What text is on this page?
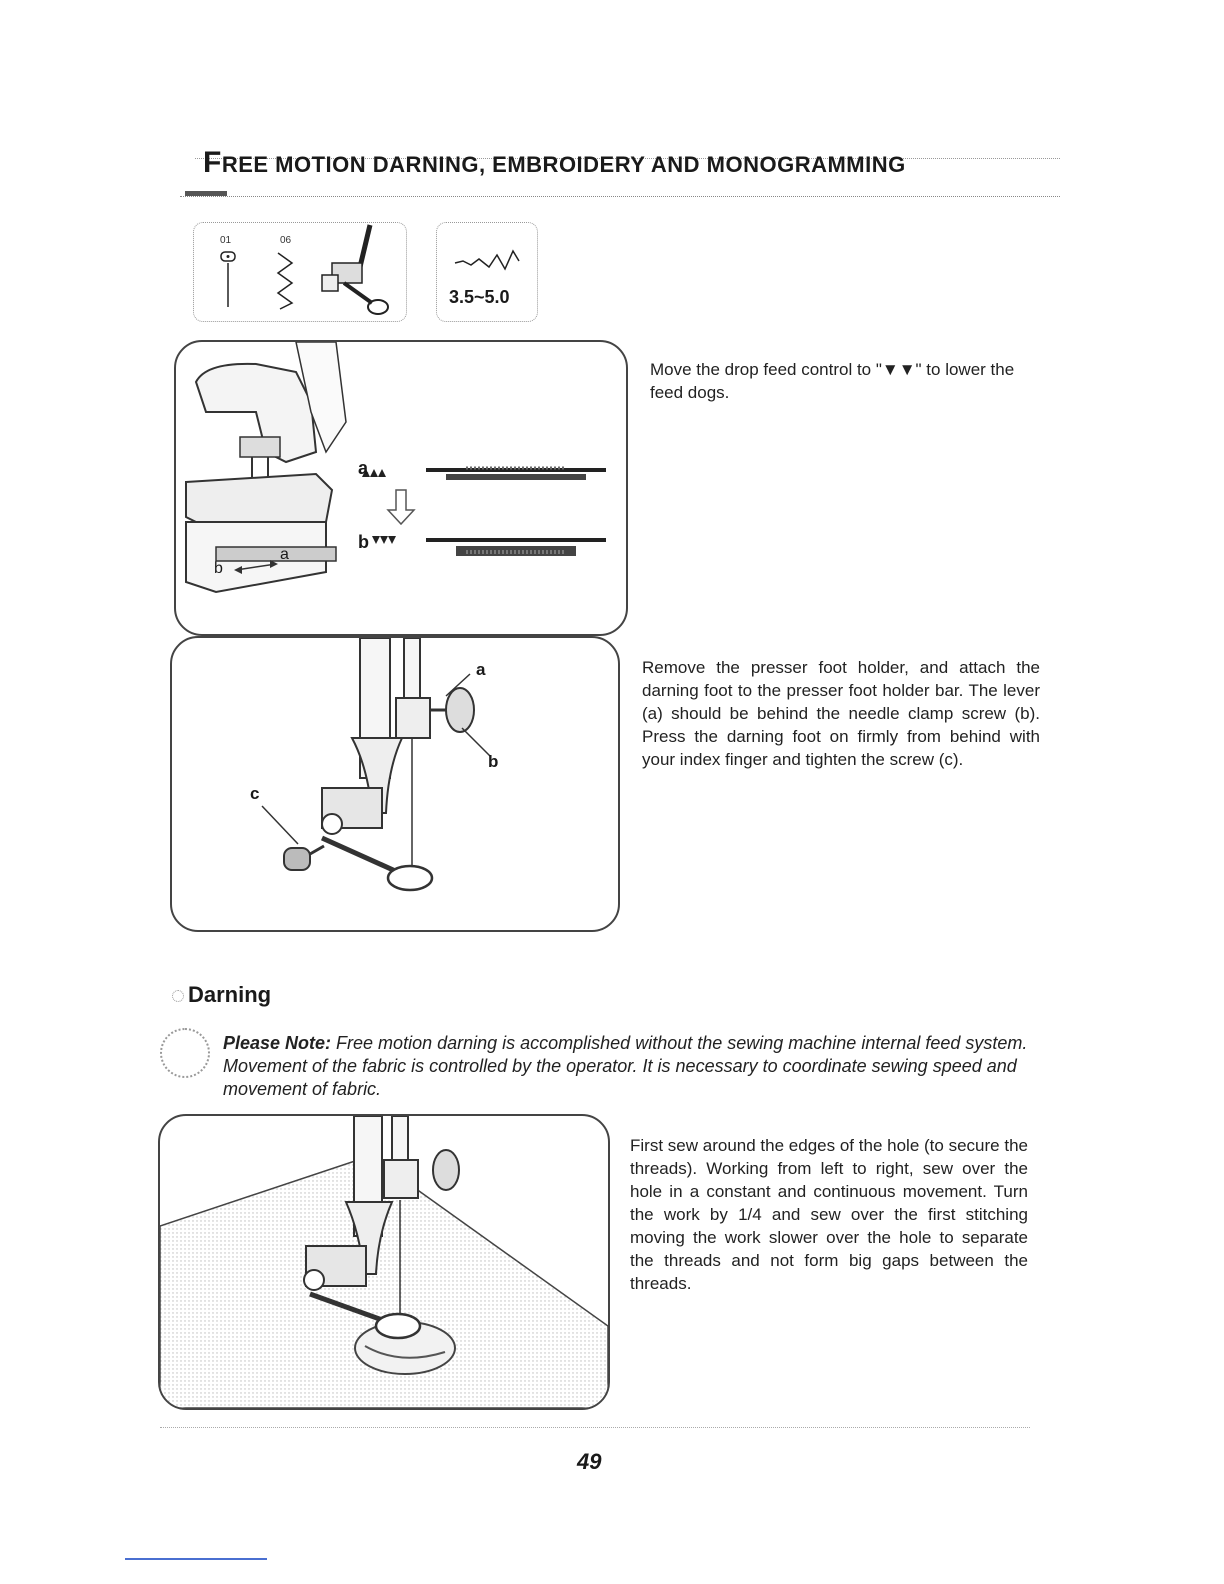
FREE MOTION DARNING, EMBROIDERY AND MONOGRAMMING
01	06
3.5~5.0
a
b
a
b
Move the drop feed control to "▼▼" to lower the feed dogs.
a
b
c
Remove the presser foot holder, and attach the darning foot to the presser foot holder bar. The lever (a) should be behind the needle clamp screw (b). Press the darning foot on firmly from behind with your index finger and tighten the screw (c).
Darning
Please Note: Free motion darning is accomplished without the sewing machine internal feed system. Movement of the fabric is controlled by the operator. It is necessary to coordinate sewing speed and movement of fabric.
First sew around the edges of the hole (to secure the threads). Working from left to right, sew over the hole in a constant and continuous movement. Turn the work by 1/4 and sew over the first stitching moving the work slower over the hole to separate the threads and not form big gaps between the threads.
49
